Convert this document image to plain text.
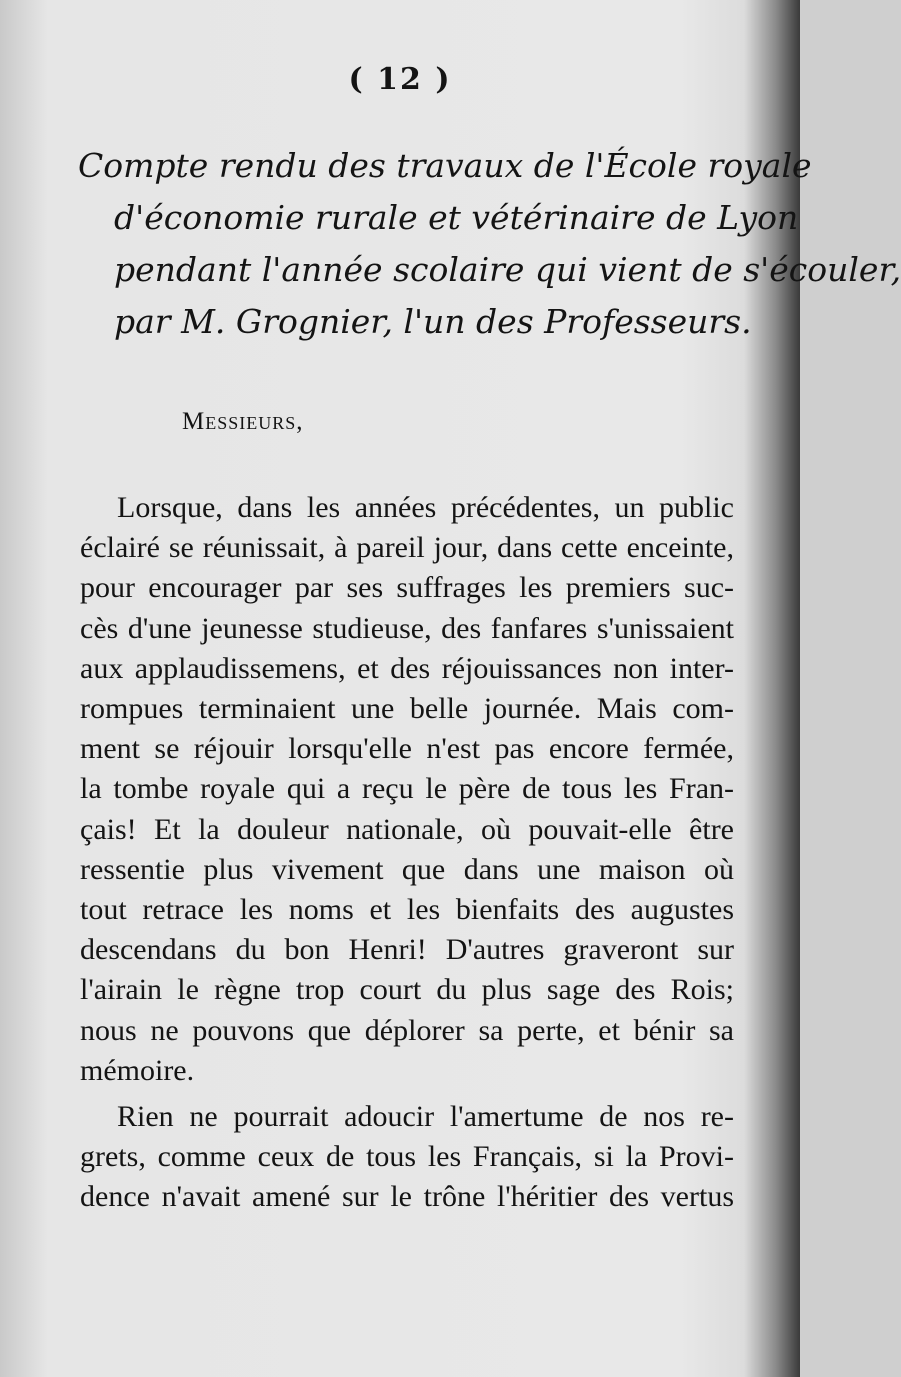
( 12 )
Compte rendu des travaux de l'École royale
d'économie rurale et vétérinaire de Lyon
pendant l'année scolaire qui vient de s'écouler,
par M. Grognier, l'un des Professeurs.
Messieurs,
Lorsque, dans les années précédentes, un public
éclairé se réunissait, à pareil jour, dans cette enceinte,
pour encourager par ses suffrages les premiers suc-
cès d'une jeunesse studieuse, des fanfares s'unissaient
aux applaudissemens, et des réjouissances non inter-
rompues terminaient une belle journée. Mais com-
ment se réjouir lorsqu'elle n'est pas encore fermée,
la tombe royale qui a reçu le père de tous les Fran-
çais! Et la douleur nationale, où pouvait-elle être
ressentie plus vivement que dans une maison où
tout retrace les noms et les bienfaits des augustes
descendans du bon Henri! D'autres graveront sur
l'airain le règne trop court du plus sage des Rois;
nous ne pouvons que déplorer sa perte, et bénir sa
mémoire.
Rien ne pourrait adoucir l'amertume de nos re-
grets, comme ceux de tous les Français, si la Provi-
dence n'avait amené sur le trône l'héritier des vertus
